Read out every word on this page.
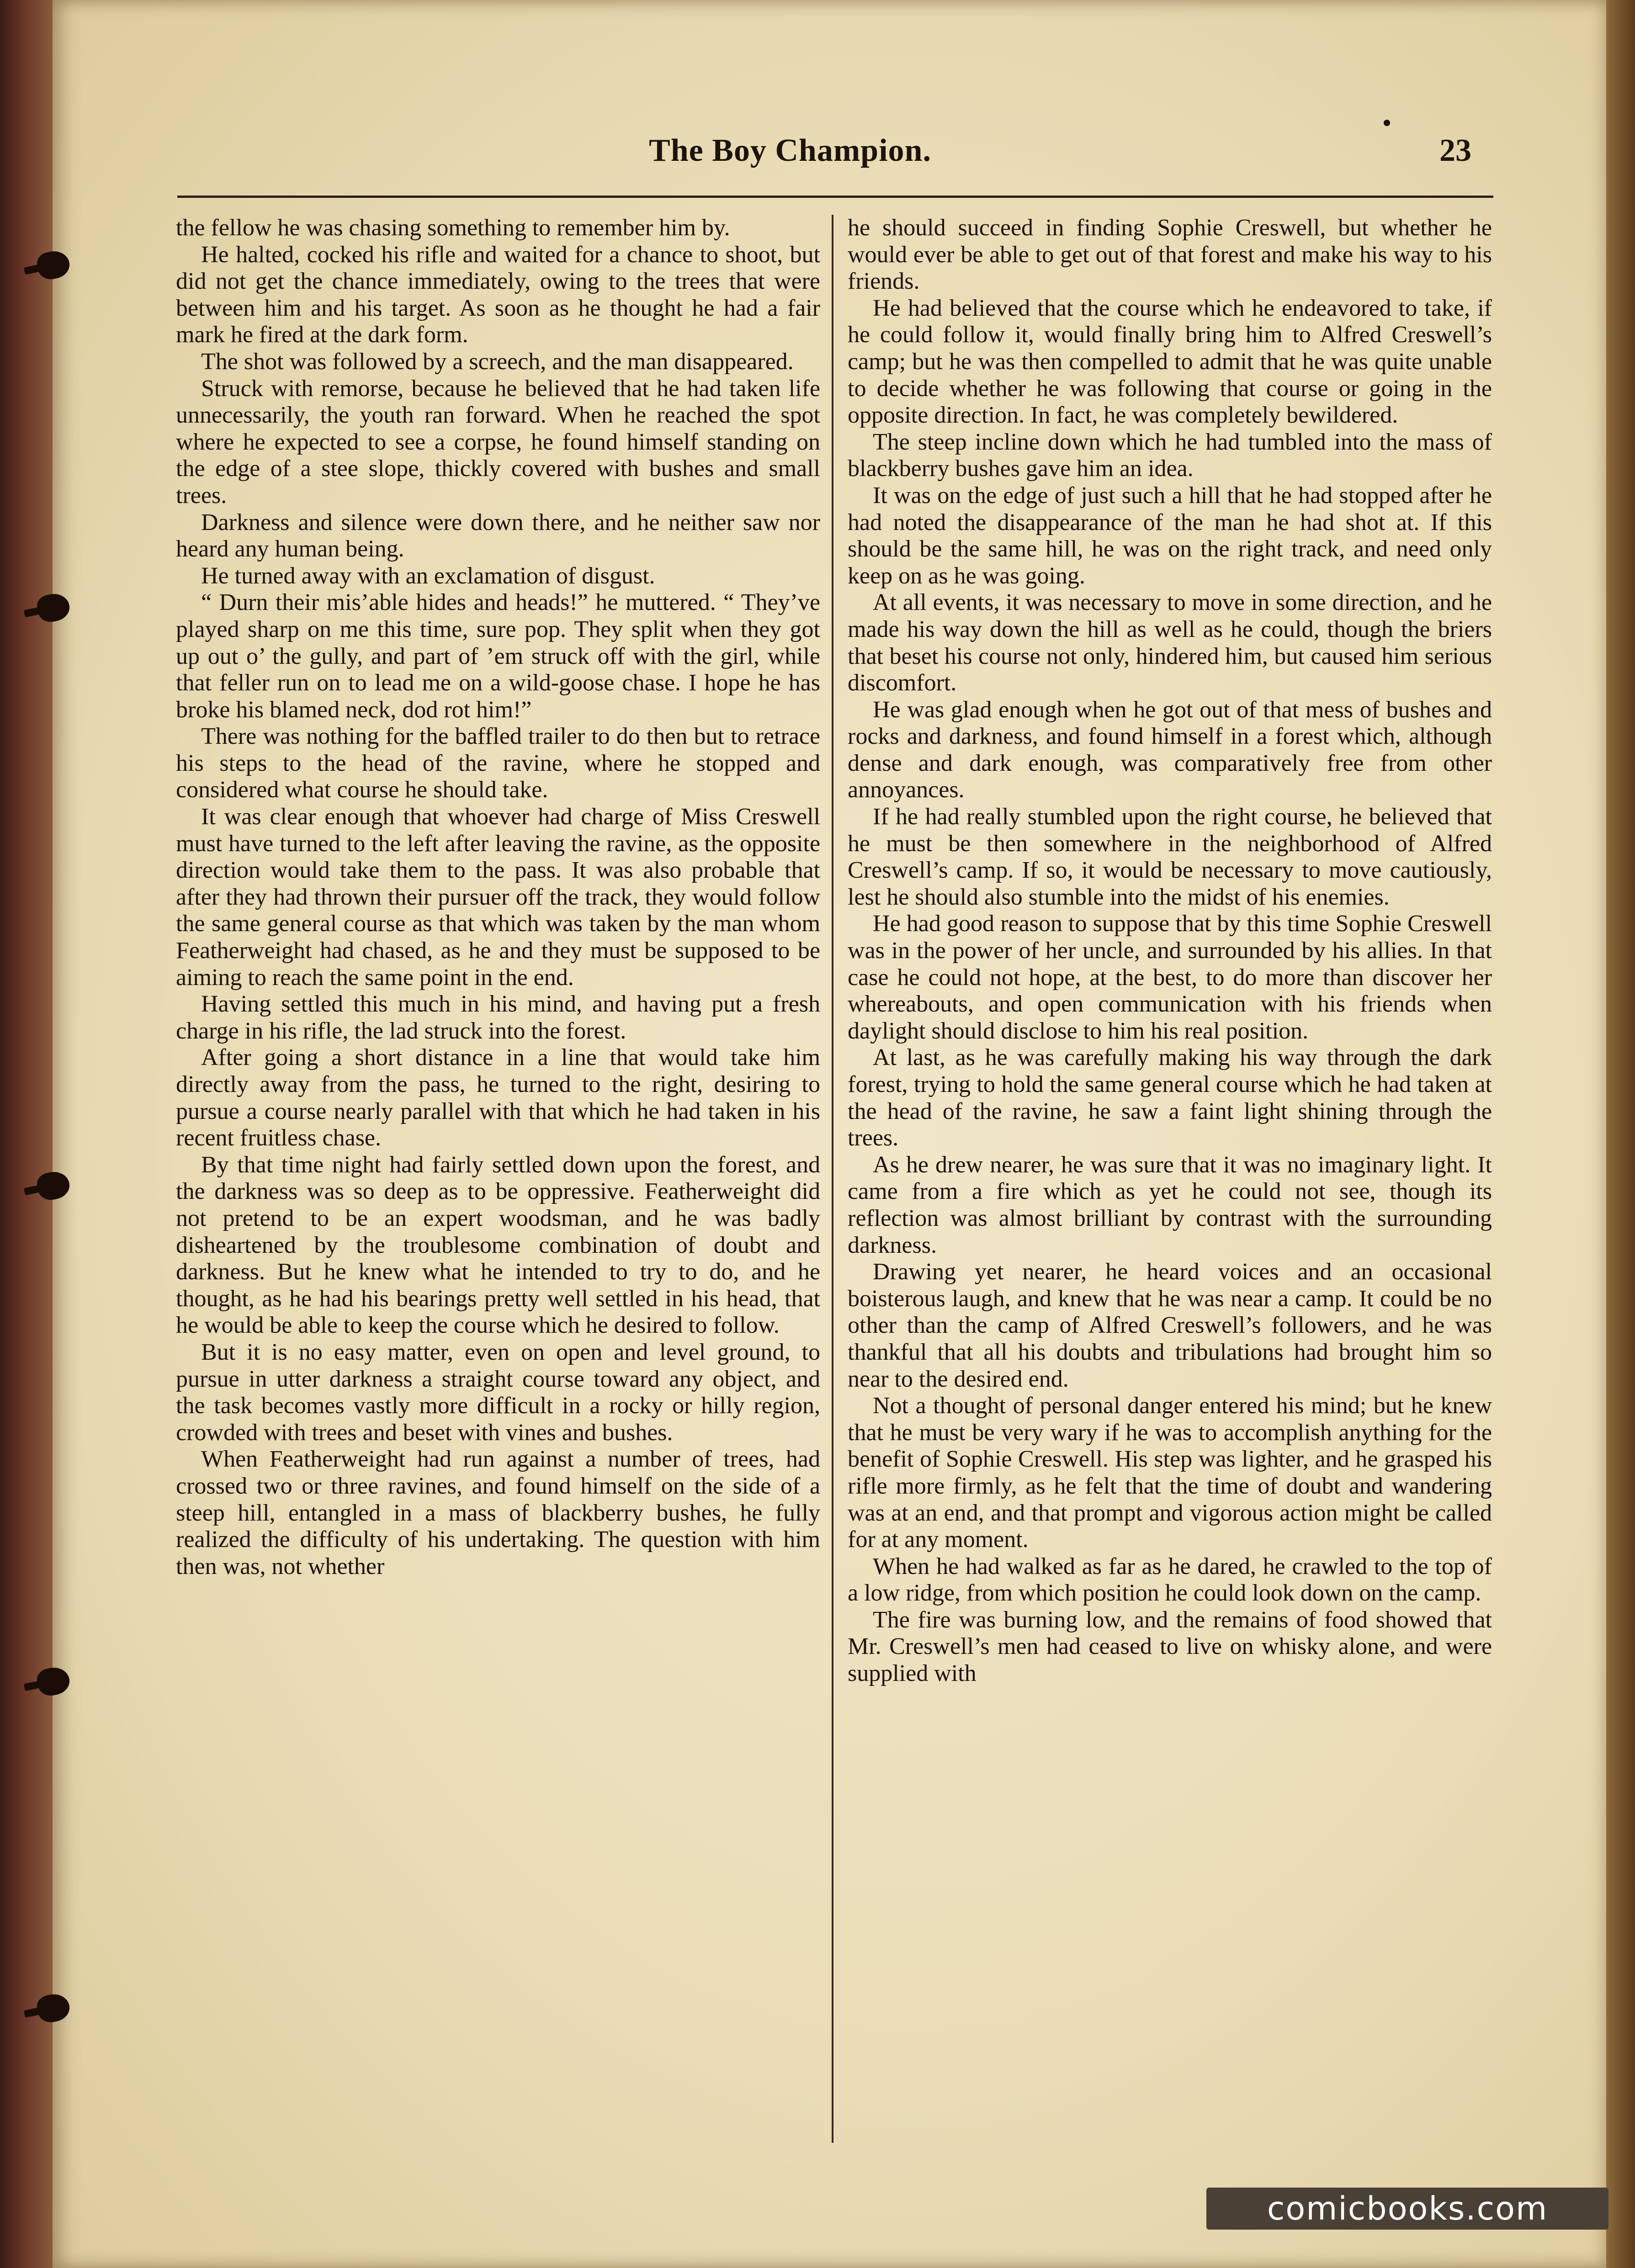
The Boy Champion.	23

the fellow he was chasing something to remember him by.

He halted, cocked his rifle and waited for a chance to shoot, but did not get the chance immediately, owing to the trees that were between him and his target. As soon as he thought he had a fair mark he fired at the dark form.

The shot was followed by a screech, and the man disappeared.

Struck with remorse, because he believed that he had taken life unnecessarily, the youth ran forward. When he reached the spot where he expected to see a corpse, he found himself standing on the edge of a stee slope, thickly covered with bushes and small trees.

Darkness and silence were down there, and he neither saw nor heard any human being.

He turned away with an exclamation of disgust.

“ Durn their mis’able hides and heads!” he muttered. “ They’ve played sharp on me this time, sure pop. They split when they got up out o’ the gully, and part of ’em struck off with the girl, while that feller run on to lead me on a wild-goose chase. I hope he has broke his blamed neck, dod rot him!”

There was nothing for the baffled trailer to do then but to retrace his steps to the head of the ravine, where he stopped and considered what course he should take.

It was clear enough that whoever had charge of Miss Creswell must have turned to the left after leaving the ravine, as the opposite direction would take them to the pass. It was also probable that after they had thrown their pursuer off the track, they would follow the same general course as that which was taken by the man whom Featherweight had chased, as he and they must be supposed to be aiming to reach the same point in the end.

Having settled this much in his mind, and having put a fresh charge in his rifle, the lad struck into the forest.

After going a short distance in a line that would take him directly away from the pass, he turned to the right, desiring to pursue a course nearly parallel with that which he had taken in his recent fruitless chase.

By that time night had fairly settled down upon the forest, and the darkness was so deep as to be oppressive. Featherweight did not pretend to be an expert woodsman, and he was badly disheartened by the troublesome combination of doubt and darkness. But he knew what he intended to try to do, and he thought, as he had his bearings pretty well settled in his head, that he would be able to keep the course which he desired to follow.

But it is no easy matter, even on open and level ground, to pursue in utter darkness a straight course toward any object, and the task becomes vastly more difficult in a rocky or hilly region, crowded with trees and beset with vines and bushes.

When Featherweight had run against a number of trees, had crossed two or three ravines, and found himself on the side of a steep hill, entangled in a mass of blackberry bushes, he fully realized the difficulty of his undertaking. The question with him then was, not whether

he should succeed in finding Sophie Creswell, but whether he would ever be able to get out of that forest and make his way to his friends.

He had believed that the course which he endeavored to take, if he could follow it, would finally bring him to Alfred Creswell’s camp; but he was then compelled to admit that he was quite unable to decide whether he was following that course or going in the opposite direction. In fact, he was completely bewildered.

The steep incline down which he had tumbled into the mass of blackberry bushes gave him an idea.

It was on the edge of just such a hill that he had stopped after he had noted the disappearance of the man he had shot at. If this should be the same hill, he was on the right track, and need only keep on as he was going.

At all events, it was necessary to move in some direction, and he made his way down the hill as well as he could, though the briers that beset his course not only, hindered him, but caused him serious discomfort.

He was glad enough when he got out of that mess of bushes and rocks and darkness, and found himself in a forest which, although dense and dark enough, was comparatively free from other annoyances.

If he had really stumbled upon the right course, he believed that he must be then somewhere in the neighborhood of Alfred Creswell’s camp. If so, it would be necessary to move cautiously, lest he should also stumble into the midst of his enemies.

He had good reason to suppose that by this time Sophie Creswell was in the power of her uncle, and surrounded by his allies. In that case he could not hope, at the best, to do more than discover her whereabouts, and open communication with his friends when daylight should disclose to him his real position.

At last, as he was carefully making his way through the dark forest, trying to hold the same general course which he had taken at the head of the ravine, he saw a faint light shining through the trees.

As he drew nearer, he was sure that it was no imaginary light. It came from a fire which as yet he could not see, though its reflection was almost brilliant by contrast with the surrounding darkness.

Drawing yet nearer, he heard voices and an occasional boisterous laugh, and knew that he was near a camp. It could be no other than the camp of Alfred Creswell’s followers, and he was thankful that all his doubts and tribulations had brought him so near to the desired end.

Not a thought of personal danger entered his mind; but he knew that he must be very wary if he was to accomplish anything for the benefit of Sophie Creswell. His step was lighter, and he grasped his rifle more firmly, as he felt that the time of doubt and wandering was at an end, and that prompt and vigorous action might be called for at any moment.

When he had walked as far as he dared, he crawled to the top of a low ridge, from which position he could look down on the camp.

The fire was burning low, and the remains of food showed that Mr. Creswell’s men had ceased to live on whisky alone, and were supplied with

comicbooks.com
